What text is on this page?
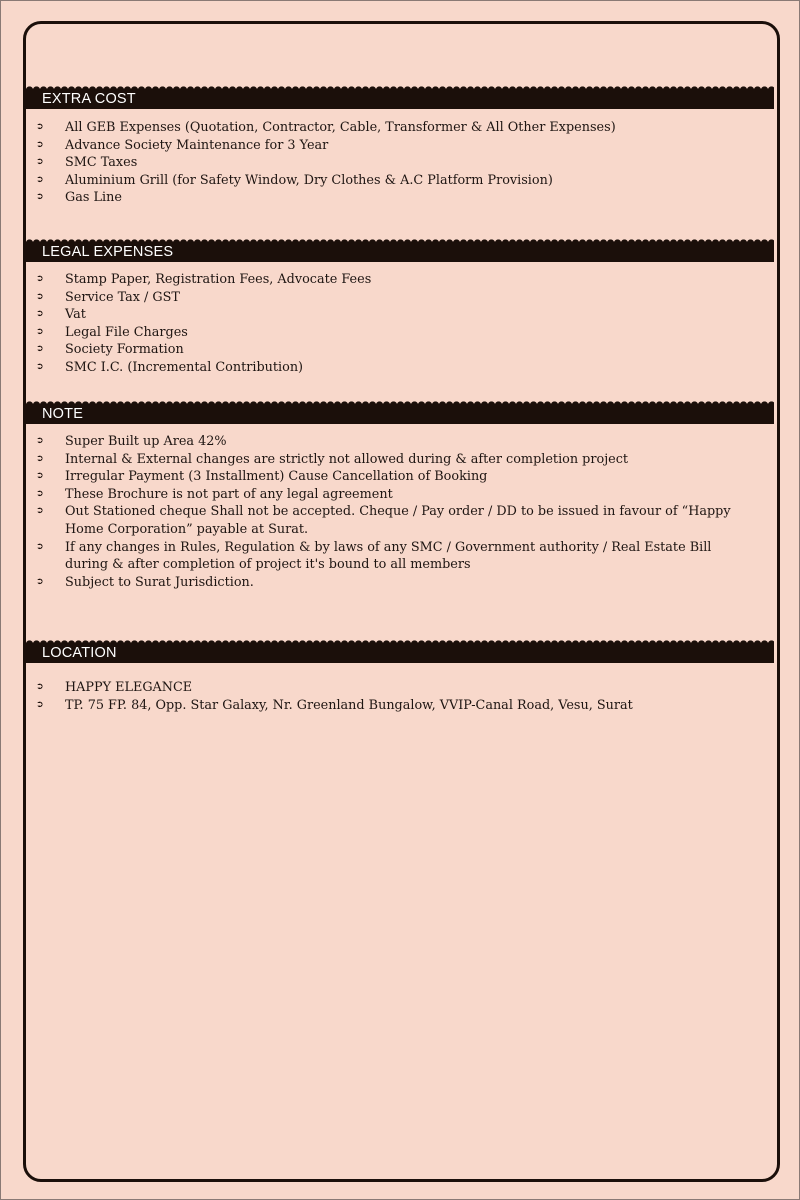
EXTRA COST
➲	All GEB Expenses (Quotation, Contractor, Cable, Transformer & All Other Expenses)
➲	Advance Society Maintenance for 3 Year
➲	SMC Taxes
➲	Aluminium Grill (for Safety Window, Dry Clothes & A.C Platform Provision)
➲	Gas Line
LEGAL EXPENSES
➲	Stamp Paper, Registration Fees, Advocate Fees
➲	Service Tax / GST
➲	Vat
➲	Legal File Charges
➲	Society Formation
➲	SMC I.C. (Incremental Contribution)
NOTE
➲	Super Built up Area 42%
➲	Internal & External changes are strictly not allowed during & after completion project
➲	Irregular Payment (3 Installment) Cause Cancellation of Booking
➲	These Brochure is not part of any legal agreement
➲	Out Stationed cheque Shall not be accepted. Cheque / Pay order / DD to be issued in favour of “Happy Home Corporation” payable at Surat.
➲	If any changes in Rules, Regulation & by laws of any SMC / Government authority / Real Estate Bill during & after completion of project it's bound to all members
➲	Subject to Surat Jurisdiction.
LOCATION
➲	HAPPY ELEGANCE
➲	TP. 75 FP. 84, Opp. Star Galaxy, Nr. Greenland Bungalow, VVIP-Canal Road, Vesu, Surat
